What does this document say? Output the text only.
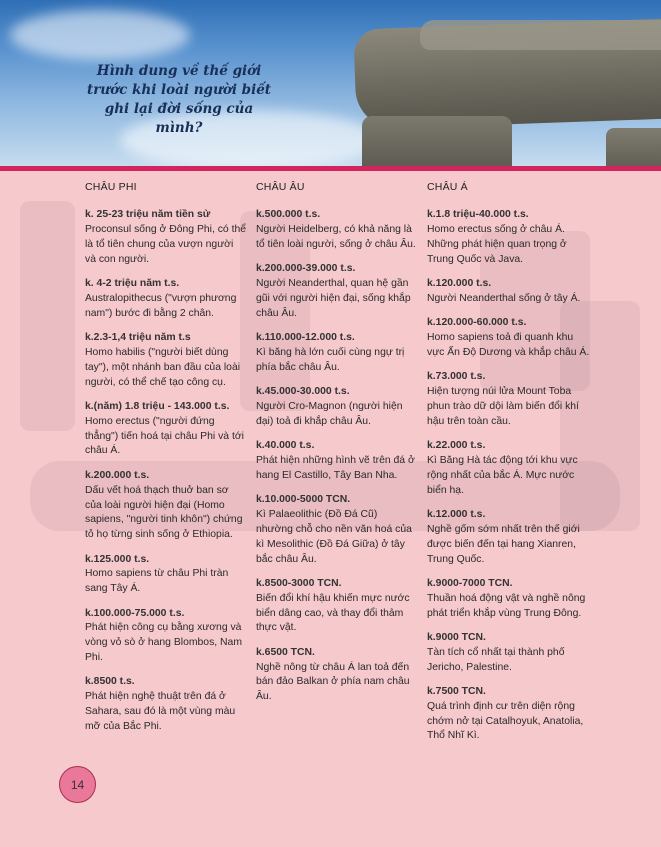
Hình dung về thế giới trước khi loài người biết ghi lại đời sống của mình?
CHÂU PHI
k. 25-23 triệu năm tiền sử
Proconsul sống ở Đông Phi, có thể là tổ tiên chung của vượn người và con người.
k. 4-2 triệu năm t.s.
Australopithecus ("vượn phương nam") bước đi bằng 2 chân.
k.2.3-1,4 triệu năm t.s
Homo habilis ("người biết dùng tay"), một nhánh ban đầu của loài người, có thể chế tạo công cụ.
k.(năm) 1.8 triệu - 143.000 t.s.
Homo erectus ("người đứng thẳng") tiến hoá tại châu Phi và tới châu Á.
k.200.000 t.s.
Dấu vết hoá thạch thuở ban sơ của loài người hiện đại (Homo sapiens, "người tinh khôn") chứng tỏ họ từng sinh sống ở Ethiopia.
k.125.000 t.s.
Homo sapiens từ châu Phi tràn sang Tây Á.
k.100.000-75.000 t.s.
Phát hiện công cụ bằng xương và vòng vỏ sò ở hang Blombos, Nam Phi.
k.8500 t.s.
Phát hiện nghệ thuật trên đá ở Sahara, sau đó là một vùng màu mỡ của Bắc Phi.
CHÂU ÂU
k.500.000 t.s.
Người Heidelberg, có khả năng là tổ tiên loài người, sống ở châu Âu.
k.200.000-39.000 t.s.
Người Neanderthal, quan hệ gần gũi với người hiện đại, sống khắp châu Âu.
k.110.000-12.000 t.s.
Kì băng hà lớn cuối cùng ngự trị phía bắc châu Âu.
k.45.000-30.000 t.s.
Người Cro-Magnon (người hiện đại) toả đi khắp châu Âu.
k.40.000 t.s.
Phát hiện những hình vẽ trên đá ở hang El Castillo, Tây Ban Nha.
k.10.000-5000 TCN.
Kì Palaeolithic (Đồ Đá Cũ) nhường chỗ cho nền văn hoá của kì Mesolithic (Đồ Đá Giữa) ở tây bắc châu Âu.
k.8500-3000 TCN.
Biến đổi khí hậu khiến mực nước biển dâng cao, và thay đổi thảm thực vật.
k.6500 TCN.
Nghề nông từ châu Á lan toả đến bán đảo Balkan ở phía nam châu Âu.
CHÂU Á
k.1.8 triệu-40.000 t.s.
Homo erectus sống ở châu Á. Những phát hiện quan trọng ở Trung Quốc và Java.
k.120.000 t.s.
Người Neanderthal sống ở tây Á.
k.120.000-60.000 t.s.
Homo sapiens toả đi quanh khu vực Ấn Độ Dương và khắp châu Á.
k.73.000 t.s.
Hiện tượng núi lửa Mount Toba phun trào dữ dội làm biến đổi khí hậu trên toàn cầu.
k.22.000 t.s.
Kì Băng Hà tác động tới khu vực rộng nhất của bắc Á. Mực nước biển hạ.
k.12.000 t.s.
Nghề gốm sớm nhất trên thế giới được biến đến tại hang Xianren, Trung Quốc.
k.9000-7000 TCN.
Thuần hoá động vật và nghề nông phát triển khắp vùng Trung Đông.
k.9000 TCN.
Tàn tích cổ nhất tại thành phố Jericho, Palestine.
k.7500 TCN.
Quá trình định cư trên diện rộng chớm nở tại Catalhoyuk, Anatolia, Thổ Nhĩ Kì.
14
